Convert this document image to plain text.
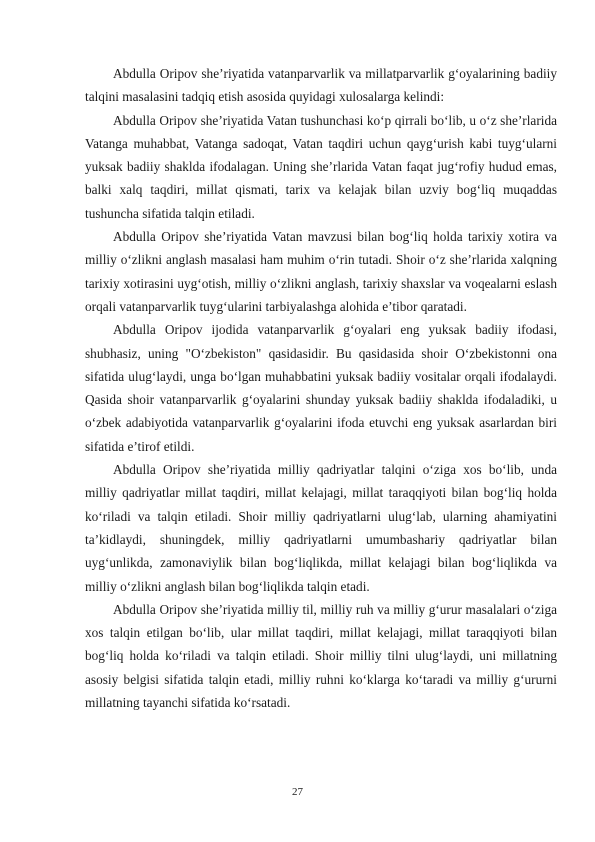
Abdulla Oripov she’riyatida vatanparvarlik va millatparvarlik g‘oyalarining badiiy talqini masalasini tadqiq etish asosida quyidagi xulosalarga kelindi:

Abdulla Oripov she’riyatida Vatan tushunchasi ko‘p qirrali bo‘lib, u o‘z she’rlarida Vatanga muhabbat, Vatanga sadoqat, Vatan taqdiri uchun qayg‘urish kabi tuyg‘ularni yuksak badiiy shaklda ifodalagan. Uning she’rlarida Vatan faqat jug‘rofiy hudud emas, balki xalq taqdiri, millat qismati, tarix va kelajak bilan uzviy bog‘liq muqaddas tushuncha sifatida talqin etiladi.

Abdulla Oripov she’riyatida Vatan mavzusi bilan bog‘liq holda tarixiy xotira va milliy o‘zlikni anglash masalasi ham muhim o‘rin tutadi. Shoir o‘z she’rlarida xalqning tarixiy xotirasini uyg‘otish, milliy o‘zlikni anglash, tarixiy shaxslar va voqealarni eslash orqali vatanparvarlik tuyg‘ularini tarbiyalashga alohida e’tibor qaratadi.

Abdulla Oripov ijodida vatanparvarlik g‘oyalari eng yuksak badiiy ifodasi, shubhasiz, uning "O‘zbekiston" qasidasidir. Bu qasidasida shoir O‘zbekistonni ona sifatida ulug‘laydi, unga bo‘lgan muhabbatini yuksak badiiy vositalar orqali ifodalaydi. Qasida shoir vatanparvarlik g‘oyalarini shunday yuksak badiiy shaklda ifodaladiki, u o‘zbek adabiyotida vatanparvarlik g‘oyalarini ifoda etuvchi eng yuksak asarlardan biri sifatida e’tirof etildi.

Abdulla Oripov she’riyatida milliy qadriyatlar talqini o‘ziga xos bo‘lib, unda milliy qadriyatlar millat taqdiri, millat kelajagi, millat taraqqiyoti bilan bog‘liq holda ko‘riladi va talqin etiladi. Shoir milliy qadriyatlarni ulug‘lab, ularning ahamiyatini ta’kidlaydi, shuningdek, milliy qadriyatlarni umumbashariy qadriyatlar bilan uyg‘unlikda, zamonaviylik bilan bog‘liqlikda, millat kelajagi bilan bog‘liqlikda va milliy o‘zlikni anglash bilan bog‘liqlikda talqin etadi.

Abdulla Oripov she’riyatida milliy til, milliy ruh va milliy g‘urur masalalari o‘ziga xos talqin etilgan bo‘lib, ular millat taqdiri, millat kelajagi, millat taraqqiyoti bilan bog‘liq holda ko‘riladi va talqin etiladi. Shoir milliy tilni ulug‘laydi, uni millatning asosiy belgisi sifatida talqin etadi, milliy ruhni ko‘klarga ko‘taradi va milliy g‘ururni millatning tayanchi sifatida ko‘rsatadi.

27
